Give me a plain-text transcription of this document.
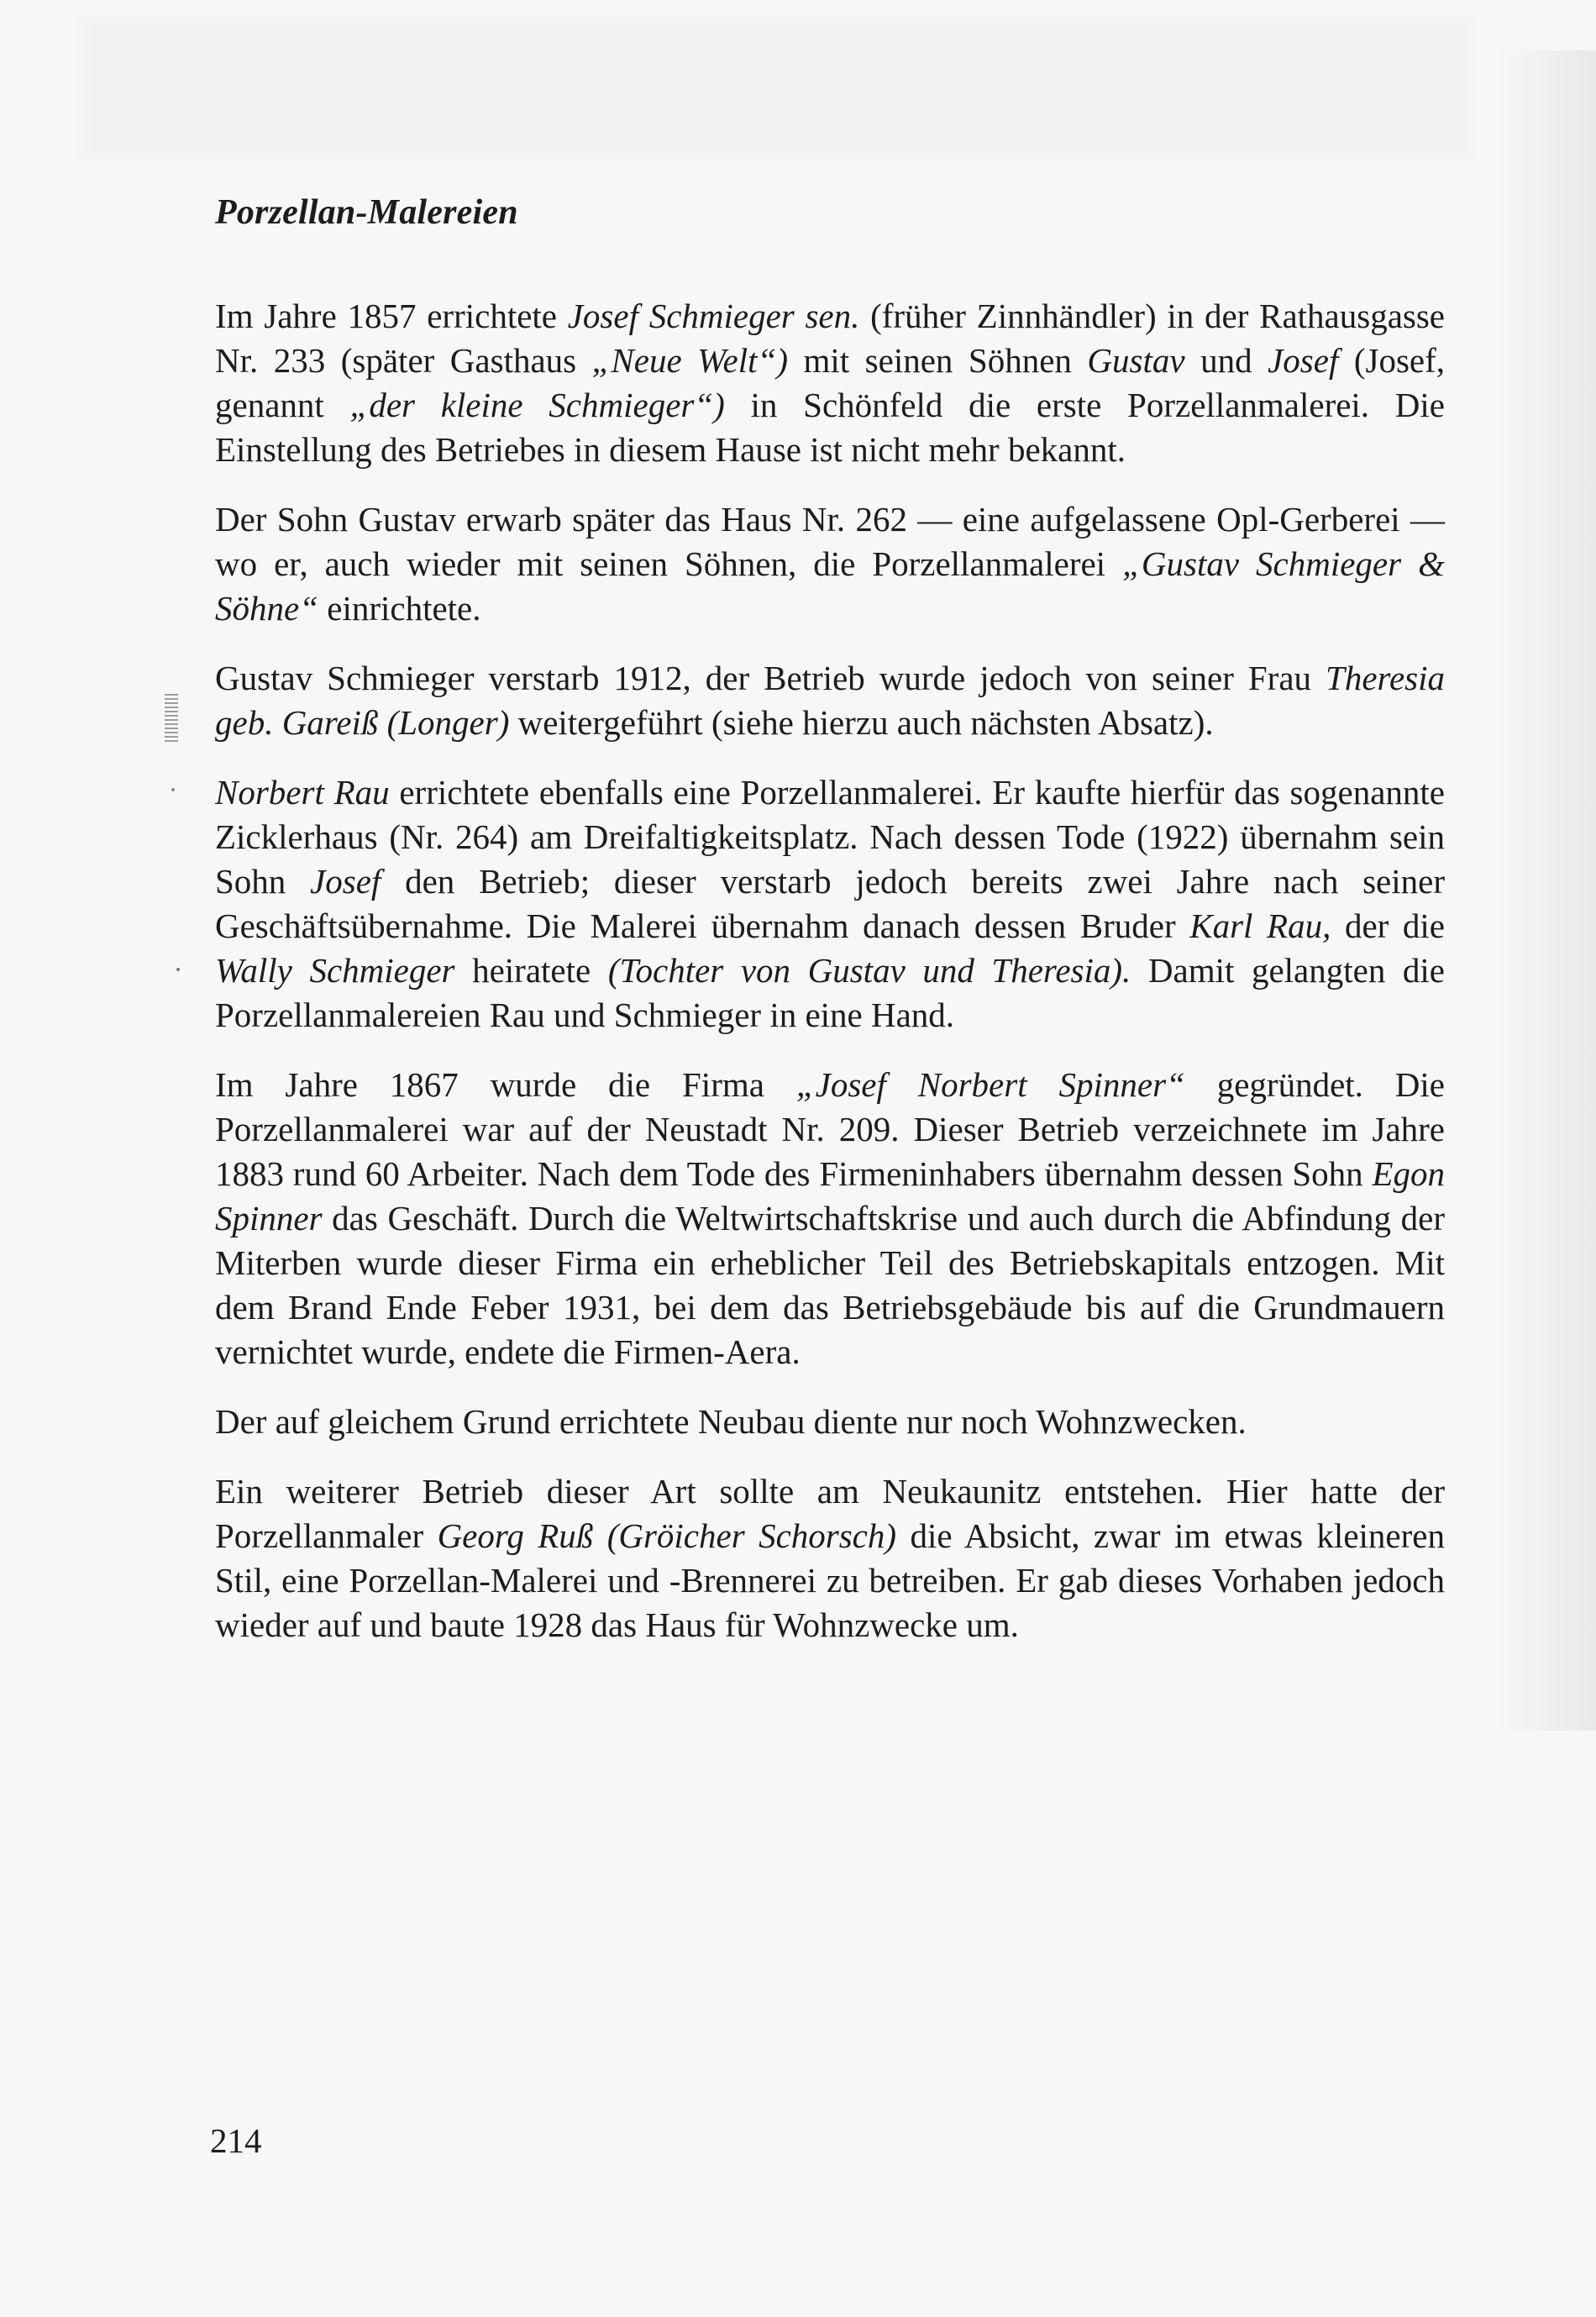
Porzellan-Malereien

Im Jahre 1857 errichtete Josef Schmieger sen. (früher Zinnhändler) in der Rathausgasse Nr. 233 (später Gasthaus „Neue Welt“) mit seinen Söhnen Gustav und Josef (Josef, genannt „der kleine Schmieger“) in Schönfeld die erste Porzellanmalerei. Die Einstellung des Betriebes in diesem Hause ist nicht mehr bekannt.

Der Sohn Gustav erwarb später das Haus Nr. 262 — eine aufgelassene Opl-Gerberei — wo er, auch wieder mit seinen Söhnen, die Porzellanmalerei „Gustav Schmieger & Söhne“ einrichtete.

Gustav Schmieger verstarb 1912, der Betrieb wurde jedoch von seiner Frau Theresia geb. Gareiß (Longer) weitergeführt (siehe hierzu auch nächsten Absatz).

Norbert Rau errichtete ebenfalls eine Porzellanmalerei. Er kaufte hierfür das sogenannte Zicklerhaus (Nr. 264) am Dreifaltigkeitsplatz. Nach dessen Tode (1922) übernahm sein Sohn Josef den Betrieb; dieser verstarb jedoch bereits zwei Jahre nach seiner Geschäftsübernahme. Die Malerei übernahm danach dessen Bruder Karl Rau, der die Wally Schmieger heiratete (Tochter von Gustav und Theresia). Damit gelangten die Porzellanmalereien Rau und Schmieger in eine Hand.

Im Jahre 1867 wurde die Firma „Josef Norbert Spinner“ gegründet. Die Porzellanmalerei war auf der Neustadt Nr. 209. Dieser Betrieb verzeichnete im Jahre 1883 rund 60 Arbeiter. Nach dem Tode des Firmeninhabers übernahm dessen Sohn Egon Spinner das Geschäft. Durch die Weltwirtschaftskrise und auch durch die Abfindung der Miterben wurde dieser Firma ein erheblicher Teil des Betriebskapitals entzogen. Mit dem Brand Ende Feber 1931, bei dem das Betriebsgebäude bis auf die Grundmauern vernichtet wurde, endete die Firmen-Aera.

Der auf gleichem Grund errichtete Neubau diente nur noch Wohnzwecken.

Ein weiterer Betrieb dieser Art sollte am Neukaunitz entstehen. Hier hatte der Porzellanmaler Georg Ruß (Gröicher Schorsch) die Absicht, zwar im etwas kleineren Stil, eine Porzellan-Malerei und -Brennerei zu betreiben. Er gab dieses Vorhaben jedoch wieder auf und baute 1928 das Haus für Wohnzwecke um.

214
